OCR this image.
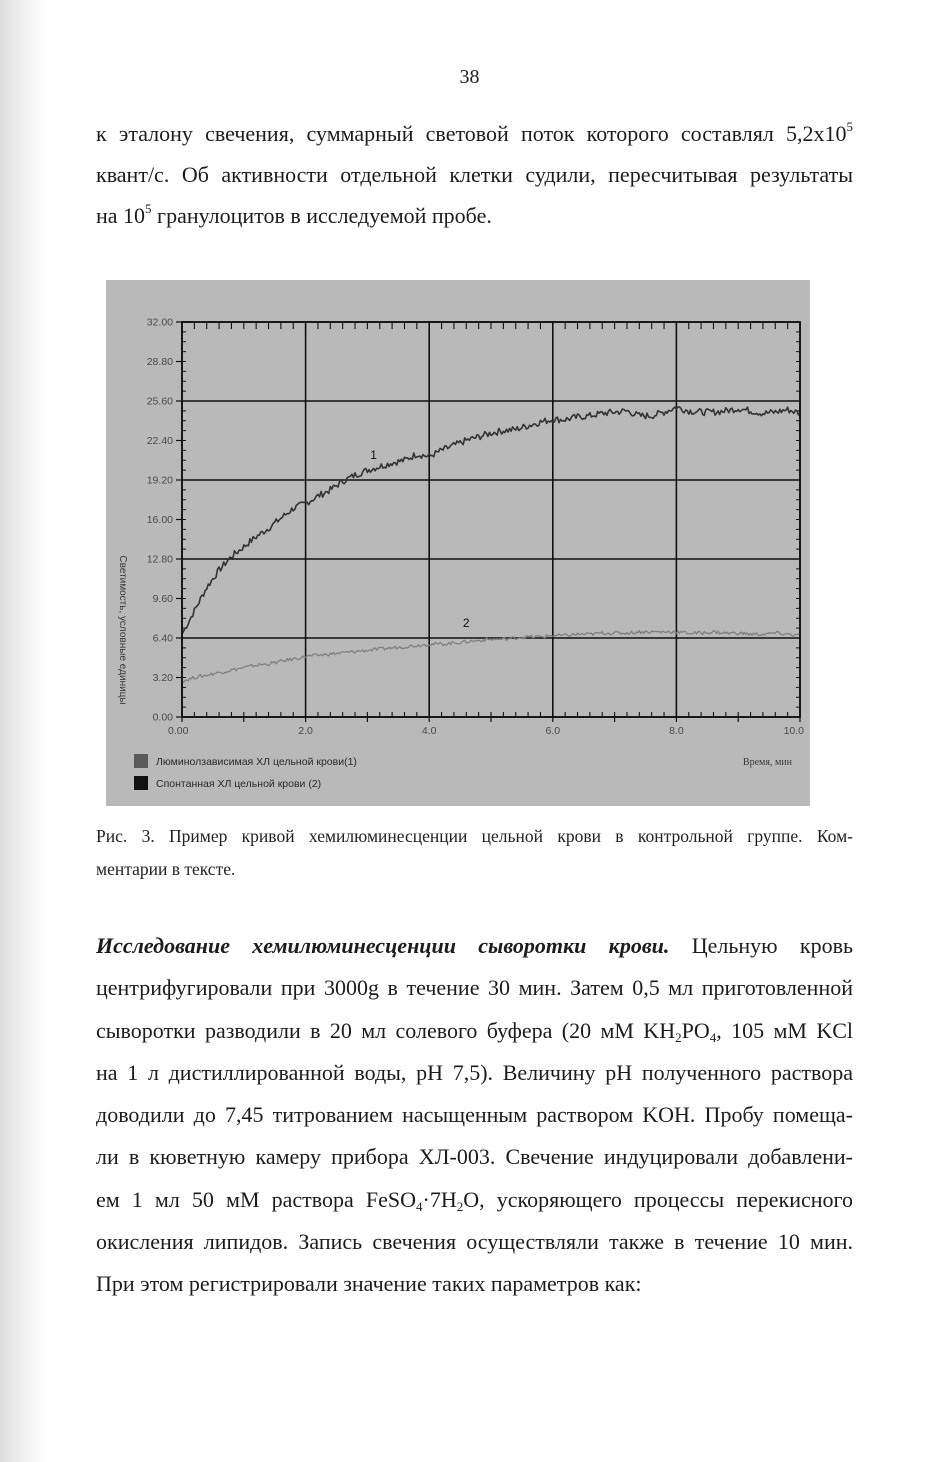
38
к эталону свечения, суммарный световой поток которого составлял $5,2х10^5$
квант/с. Об активности отдельной клетки судили, пересчитывая результаты
на $10^5$ гранулоцитов в исследуемой пробе.
0.00
3.20
6.40
9.60
12.80
16.00
19.20
22.40
25.60
28.80
32.00
0.00	2.0	4.0	6.0	8.0	10.0
Светимость, условные единицы
Время, мин
Люминолзависимая ХЛ цельной крови(1)
Спонтанная ХЛ цельной крови (2)
1
2
Рис. 3. Пример кривой хемилюминесценции цельной крови в контрольной группе. Ком-
ментарии в тексте.
Исследование хемилюминесценции сыворотки крови. Цельную кровь
центрифугировали при 3000g в течение 30 мин. Затем 0,5 мл приготовленной
сыворотки разводили в 20 мл солевого буфера (20 мМ $KH_2PO_4$, 105 мМ KCl
на 1 л дистиллированной воды, pH 7,5). Величину pH полученного раствора
доводили до 7,45 титрованием насыщенным раствором KOH. Пробу помеща-
ли в кюветную камеру прибора ХЛ-003. Свечение индуцировали добавлени-
ем 1 мл 50 мМ раствора $FeSO_4\cdot 7H_2O$, ускоряющего процессы перекисного
окисления липидов. Запись свечения осуществляли также в течение 10 мин.
При этом регистрировали значение таких параметров как:
